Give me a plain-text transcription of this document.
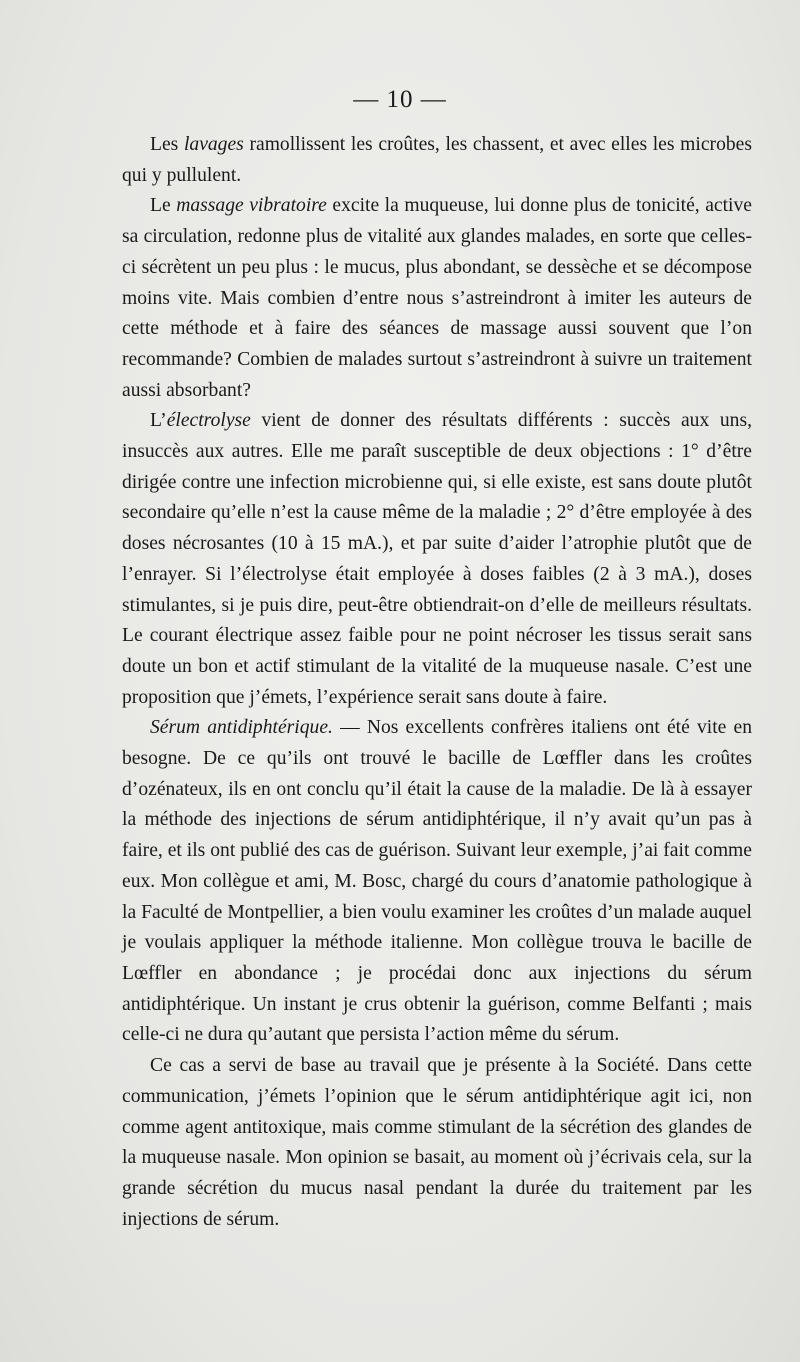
— 10 —

Les lavages ramollissent les croûtes, les chassent, et avec elles les microbes qui y pullulent.

Le massage vibratoire excite la muqueuse, lui donne plus de tonicité, active sa circulation, redonne plus de vitalité aux glandes malades, en sorte que celles-ci sécrètent un peu plus : le mucus, plus abondant, se dessèche et se décompose moins vite. Mais combien d’entre nous s’astreindront à imiter les auteurs de cette méthode et à faire des séances de massage aussi souvent que l’on recommande? Combien de malades surtout s’astreindront à suivre un traitement aussi absorbant?

L’électrolyse vient de donner des résultats différents : succès aux uns, insuccès aux autres. Elle me paraît susceptible de deux objections : 1° d’être dirigée contre une infection microbienne qui, si elle existe, est sans doute plutôt secondaire qu’elle n’est la cause même de la maladie ; 2° d’être employée à des doses nécrosantes (10 à 15 mA.), et par suite d’aider l’atrophie plutôt que de l’enrayer. Si l’électrolyse était employée à doses faibles (2 à 3 mA.), doses stimulantes, si je puis dire, peut-être obtiendrait-on d’elle de meilleurs résultats. Le courant électrique assez faible pour ne point nécroser les tissus serait sans doute un bon et actif stimulant de la vitalité de la muqueuse nasale. C’est une proposition que j’émets, l’expérience serait sans doute à faire.

Sérum antidiphtérique. — Nos excellents confrères italiens ont été vite en besogne. De ce qu’ils ont trouvé le bacille de Lœffler dans les croûtes d’ozénateux, ils en ont conclu qu’il était la cause de la maladie. De là à essayer la méthode des injections de sérum antidiphtérique, il n’y avait qu’un pas à faire, et ils ont publié des cas de guérison. Suivant leur exemple, j’ai fait comme eux. Mon collègue et ami, M. Bosc, chargé du cours d’anatomie pathologique à la Faculté de Montpellier, a bien voulu examiner les croûtes d’un malade auquel je voulais appliquer la méthode italienne. Mon collègue trouva le bacille de Lœffler en abondance ; je procédai donc aux injections du sérum antidiphtérique. Un instant je crus obtenir la guérison, comme Belfanti ; mais celle-ci ne dura qu’autant que persista l’action même du sérum.

Ce cas a servi de base au travail que je présente à la Société. Dans cette communication, j’émets l’opinion que le sérum antidiphtérique agit ici, non comme agent antitoxique, mais comme stimulant de la sécrétion des glandes de la muqueuse nasale. Mon opinion se basait, au moment où j’écrivais cela, sur la grande sécrétion du mucus nasal pendant la durée du traitement par les injections de sérum.
